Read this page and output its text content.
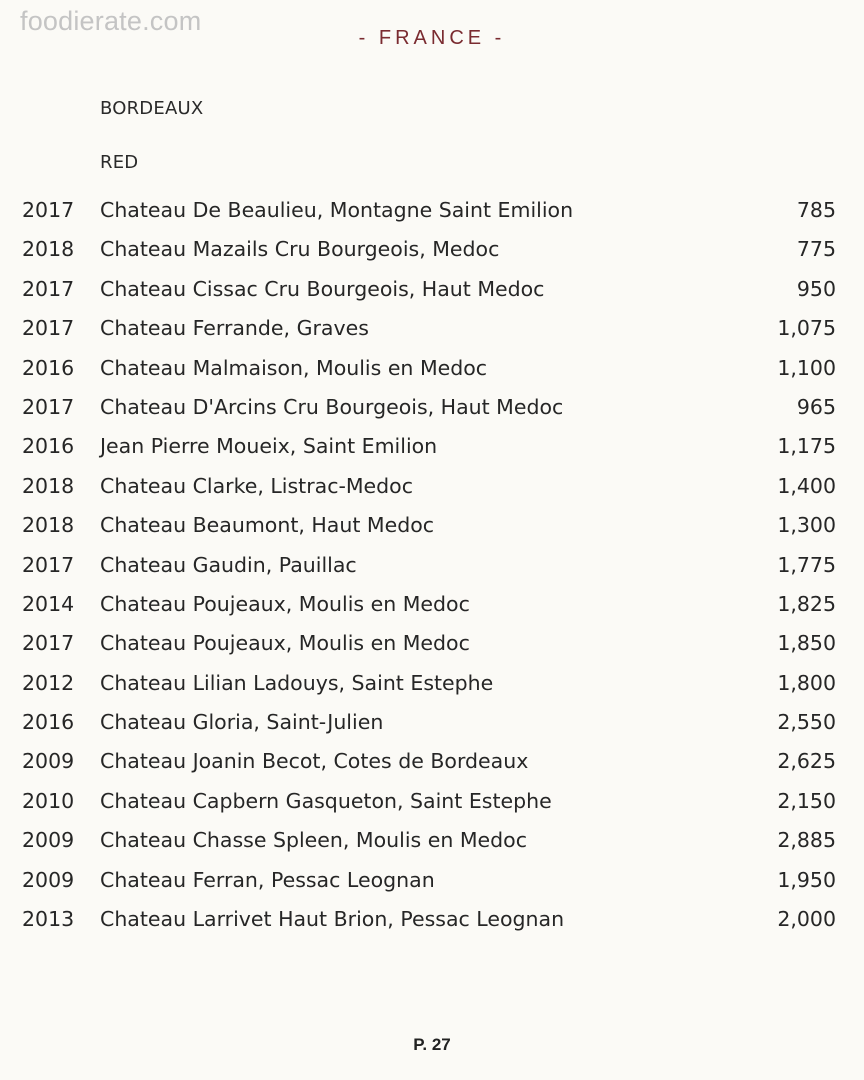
foodierate.com
- FRANCE -
BORDEAUX
RED
2017 Chateau De Beaulieu, Montagne Saint Emilion	785
2018 Chateau Mazails Cru Bourgeois, Medoc	775
2017 Chateau Cissac Cru Bourgeois, Haut Medoc	950
2017 Chateau Ferrande, Graves	1,075
2016 Chateau Malmaison, Moulis en Medoc	1,100
2017 Chateau D'Arcins Cru Bourgeois, Haut Medoc	965
2016 Jean Pierre Moueix, Saint Emilion	1,175
2018 Chateau Clarke, Listrac-Medoc	1,400
2018 Chateau Beaumont, Haut Medoc	1,300
2017 Chateau Gaudin, Pauillac	1,775
2014 Chateau Poujeaux, Moulis en Medoc	1,825
2017 Chateau Poujeaux, Moulis en Medoc	1,850
2012 Chateau Lilian Ladouys, Saint Estephe	1,800
2016 Chateau Gloria, Saint-Julien	2,550
2009 Chateau Joanin Becot, Cotes de Bordeaux	2,625
2010 Chateau Capbern Gasqueton, Saint Estephe	2,150
2009 Chateau Chasse Spleen, Moulis en Medoc	2,885
2009 Chateau Ferran, Pessac Leognan	1,950
2013 Chateau Larrivet Haut Brion, Pessac Leognan	2,000
P. 27
